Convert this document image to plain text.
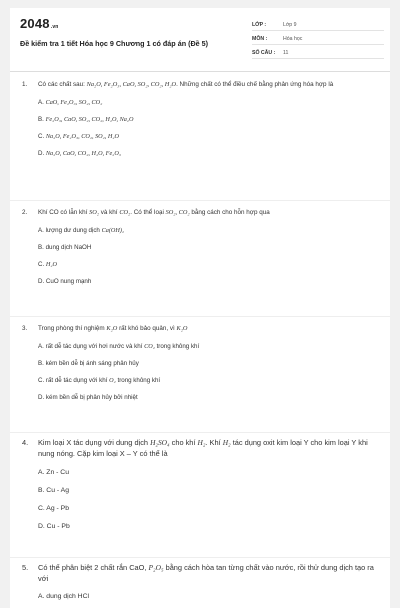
2048.vn
Đề kiểm tra 1 tiết Hóa học 9 Chương 1 có đáp án (Đề 5)
LỚP :	Lớp 9
MÔN :	Hóa học
SỐ CÂU :	11
1.	Có các chất sau: Na₂O, Fe₂O₃, CaO, SO₂, CO₂, H₂O. Những chất có thể điều chế bằng phản ứng hóa hợp là
A. CaO, Fe₂O₃, SO₂, CO₂
B. Fe₂O₃, CaO, SO₂, CO₂, H₂O, Na₂O
C. Na₂O, Fe₂O₃, CO₂, SO₂, H₂O
D. Na₂O, CaO, CO₂, H₂O, Fe₂O₃
2.	Khí CO có lẫn khí SO₂ và khí CO₂. Có thể loại SO₂, CO₂ bằng cách cho hỗn hợp qua
A. lượng dư dung dịch Ca(OH)₂
B. dung dịch NaOH
C. H₂O
D. CuO nung mạnh
3.	Trong phòng thí nghiệm K₂O rất khó bảo quản, vì K₂O
A. rất dễ tác dụng với hơi nước và khí CO₂ trong không khí
B. kém bền dễ bị ánh sáng phân hủy
C. rất dễ tác dụng với khí O₂ trong không khí
D. kém bền dễ bị phân hủy bởi nhiệt
4.	Kim loại X tác dụng với dung dịch H₂SO₄ cho khí H₂. Khí H₂ tác dụng oxit kim loại Y cho kim loại Y khi nung nóng. Cặp kim loại X – Y có thể là
A. Zn - Cu
B. Cu - Ag
C. Ag - Pb
D. Cu - Pb
5.	Có thể phân biệt 2 chất rắn CaO, P₂O₅ bằng cách hòa tan từng chất vào nước, rồi thử dung dịch tạo ra với
A. dung dịch HCl
